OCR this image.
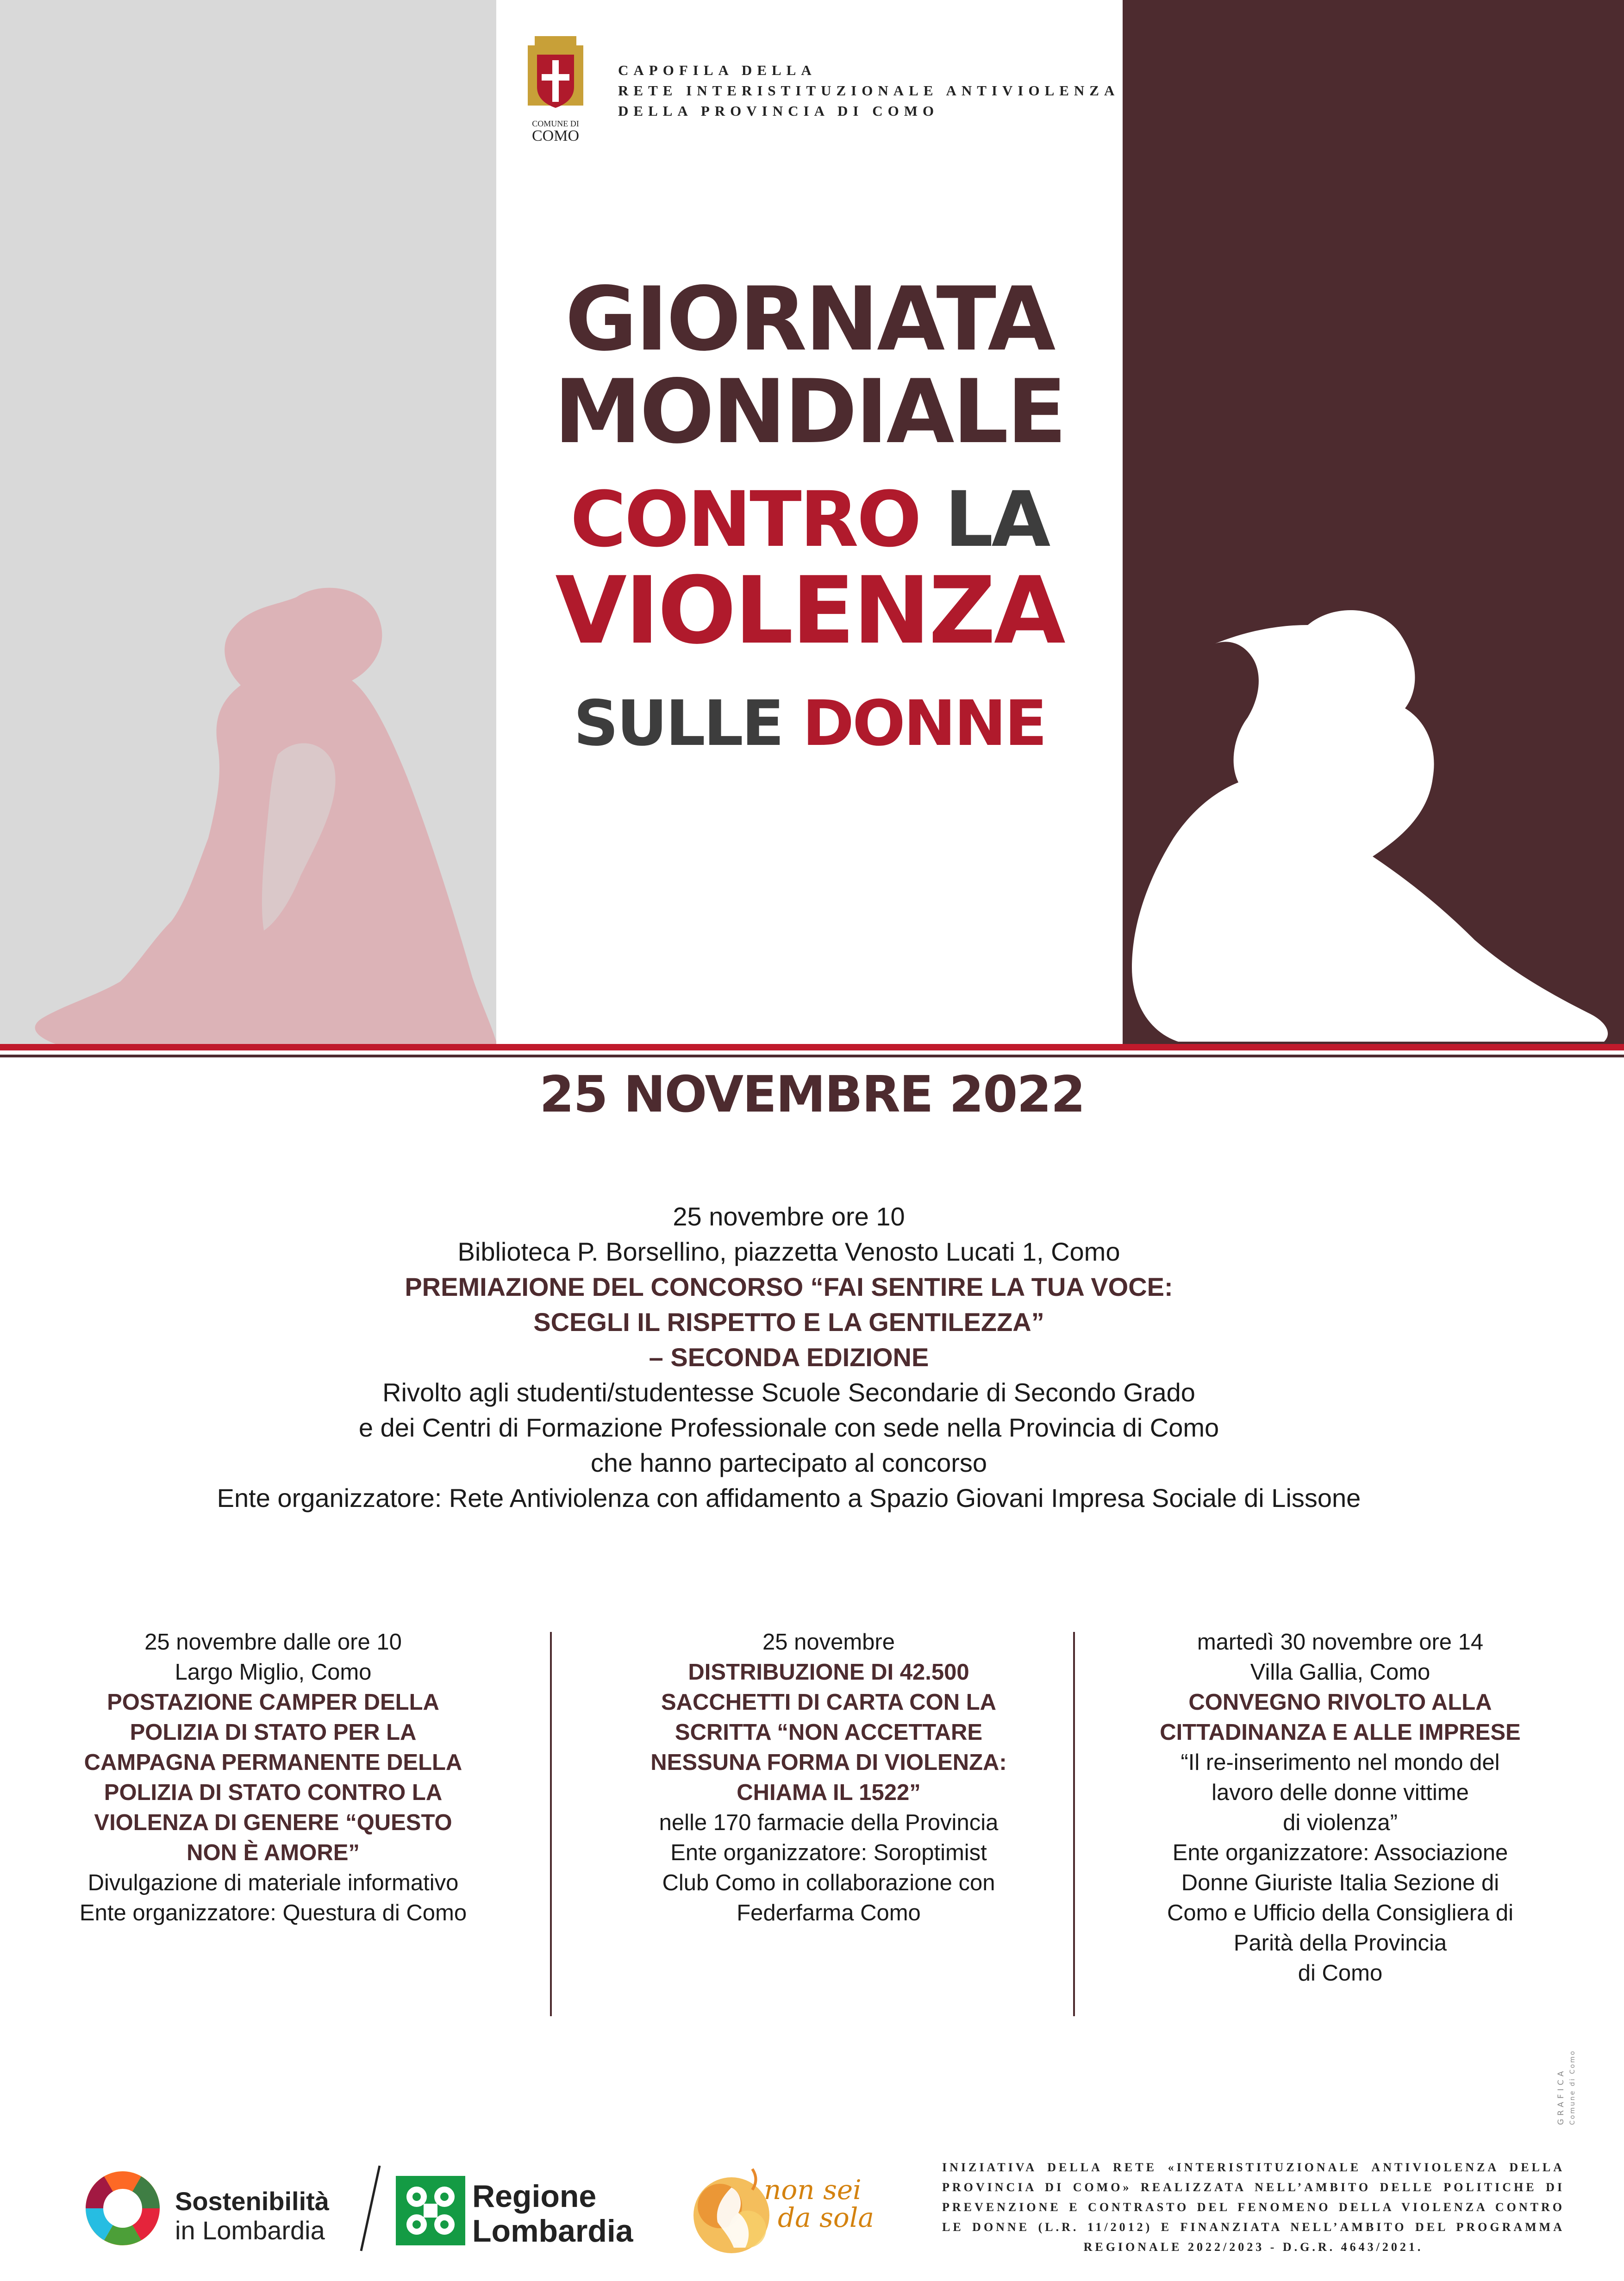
COMUNE DI
COMO
CAPOFILA DELLA
RETE INTERISTITUZIONALE ANTIVIOLENZA
DELLA PROVINCIA DI COMO
GIORNATA
MONDIALE
CONTRO LA
VIOLENZA
SULLE DONNE
25 NOVEMBRE 2022
25 novembre ore 10
Biblioteca P. Borsellino, piazzetta Venosto Lucati 1, Como
PREMIAZIONE DEL CONCORSO “FAI SENTIRE LA TUA VOCE:
SCEGLI IL RISPETTO E LA GENTILEZZA”
– SECONDA EDIZIONE
Rivolto agli studenti/studentesse Scuole Secondarie di Secondo Grado
e dei Centri di Formazione Professionale con sede nella Provincia di Como
che hanno partecipato al concorso
Ente organizzatore: Rete Antiviolenza con affidamento a Spazio Giovani Impresa Sociale di Lissone
25 novembre dalle ore 10
Largo Miglio, Como
POSTAZIONE CAMPER DELLA
POLIZIA DI STATO PER LA
CAMPAGNA PERMANENTE DELLA
POLIZIA DI STATO CONTRO LA
VIOLENZA DI GENERE “QUESTO
NON È AMORE”
Divulgazione di materiale informativo
Ente organizzatore: Questura di Como
25 novembre
DISTRIBUZIONE DI 42.500
SACCHETTI DI CARTA CON LA
SCRITTA “NON ACCETTARE
NESSUNA FORMA DI VIOLENZA:
CHIAMA IL 1522”
nelle 170 farmacie della Provincia
Ente organizzatore: Soroptimist
Club Como in collaborazione con
Federfarma Como
martedì 30 novembre ore 14
Villa Gallia, Como
CONVEGNO RIVOLTO ALLA
CITTADINANZA E ALLE IMPRESE
“Il re-inserimento nel mondo del
lavoro delle donne vittime
di violenza”
Ente organizzatore: Associazione
Donne Giuriste Italia Sezione di
Como e Ufficio della Consigliera di
Parità della Provincia
di Como
GRAFICA Comune di Como
Sostenibilità
in Lombardia
Regione
Lombardia
non sei
da sola
INIZIATIVA DELLA RETE «INTERISTITUZIONALE ANTIVIOLENZA DELLA PROVINCIA DI COMO» REALIZZATA NELL’AMBITO DELLE POLITICHE DI PREVENZIONE E CONTRASTO DEL FENOMENO DELLA VIOLENZA CONTRO LE DONNE (L.R. 11/2012) E FINANZIATA NELL’AMBITO DEL PROGRAMMA REGIONALE 2022/2023 - D.G.R. 4643/2021.
